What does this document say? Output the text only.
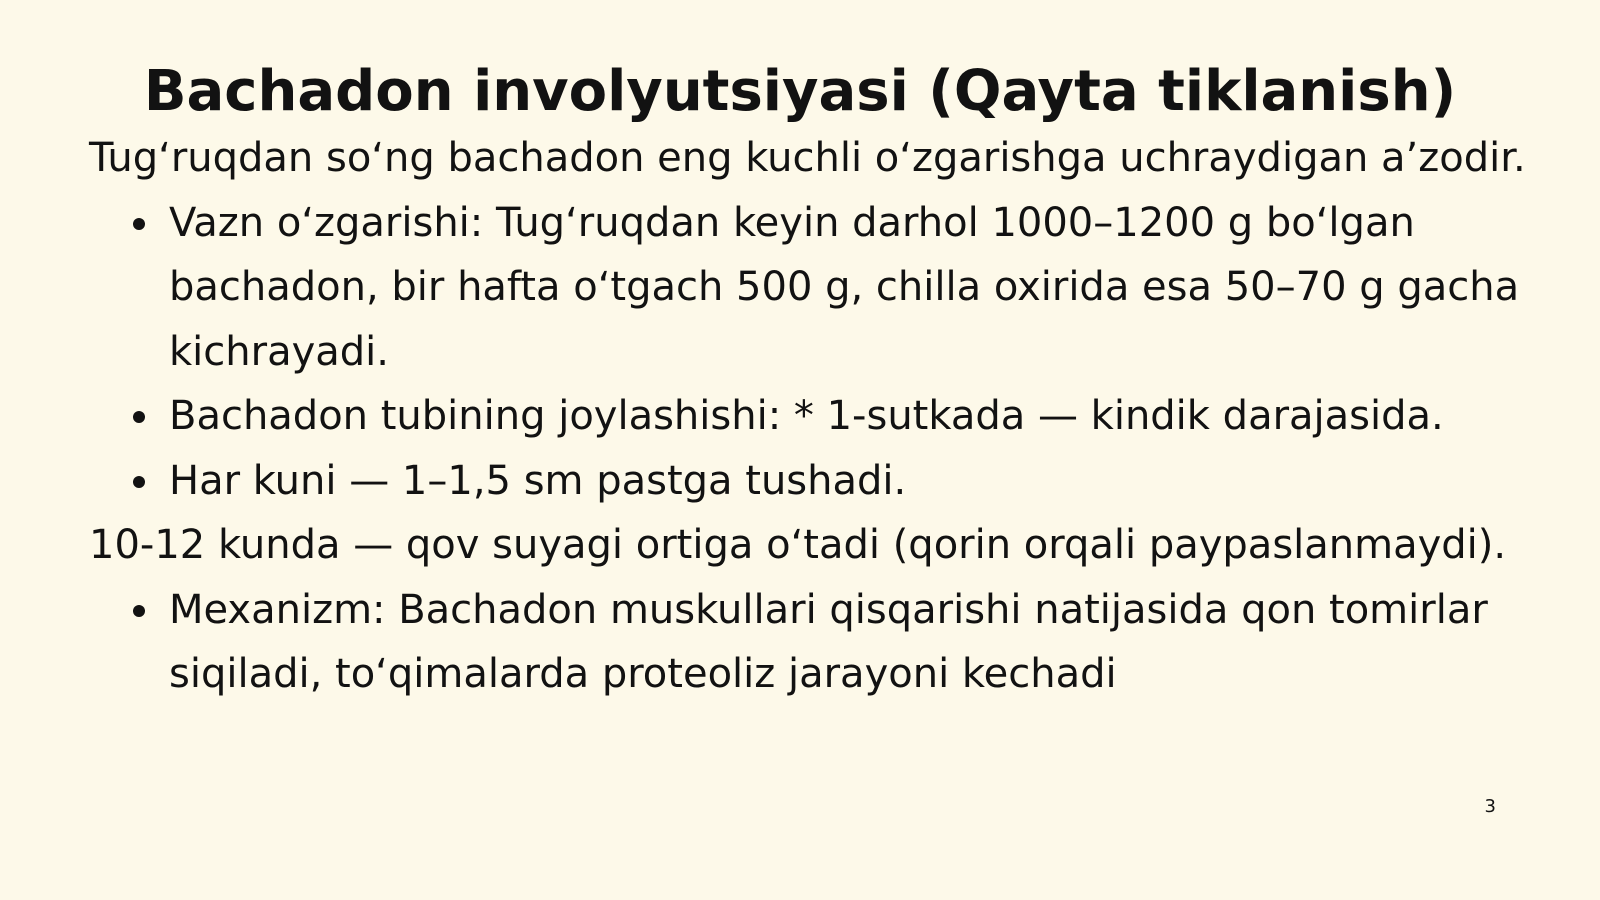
Bachadon involyutsiyasi (Qayta tiklanish)

Tug‘ruqdan so‘ng bachadon eng kuchli o‘zgarishga uchraydigan a’zodir.

Vazn o‘zgarishi: Tug‘ruqdan keyin darhol 1000–1200 g bo‘lgan bachadon, bir hafta o‘tgach 500 g, chilla oxirida esa 50–70 g gacha kichrayadi.
Bachadon tubining joylashishi: * 1-sutkada — kindik darajasida.
Har kuni — 1–1,5 sm pastga tushadi.

10-12 kunda — qov suyagi ortiga o‘tadi (qorin orqali paypaslanmaydi).

Mexanizm: Bachadon muskullari qisqarishi natijasida qon tomirlar siqiladi, to‘qimalarda proteoliz jarayoni kechadi
3
